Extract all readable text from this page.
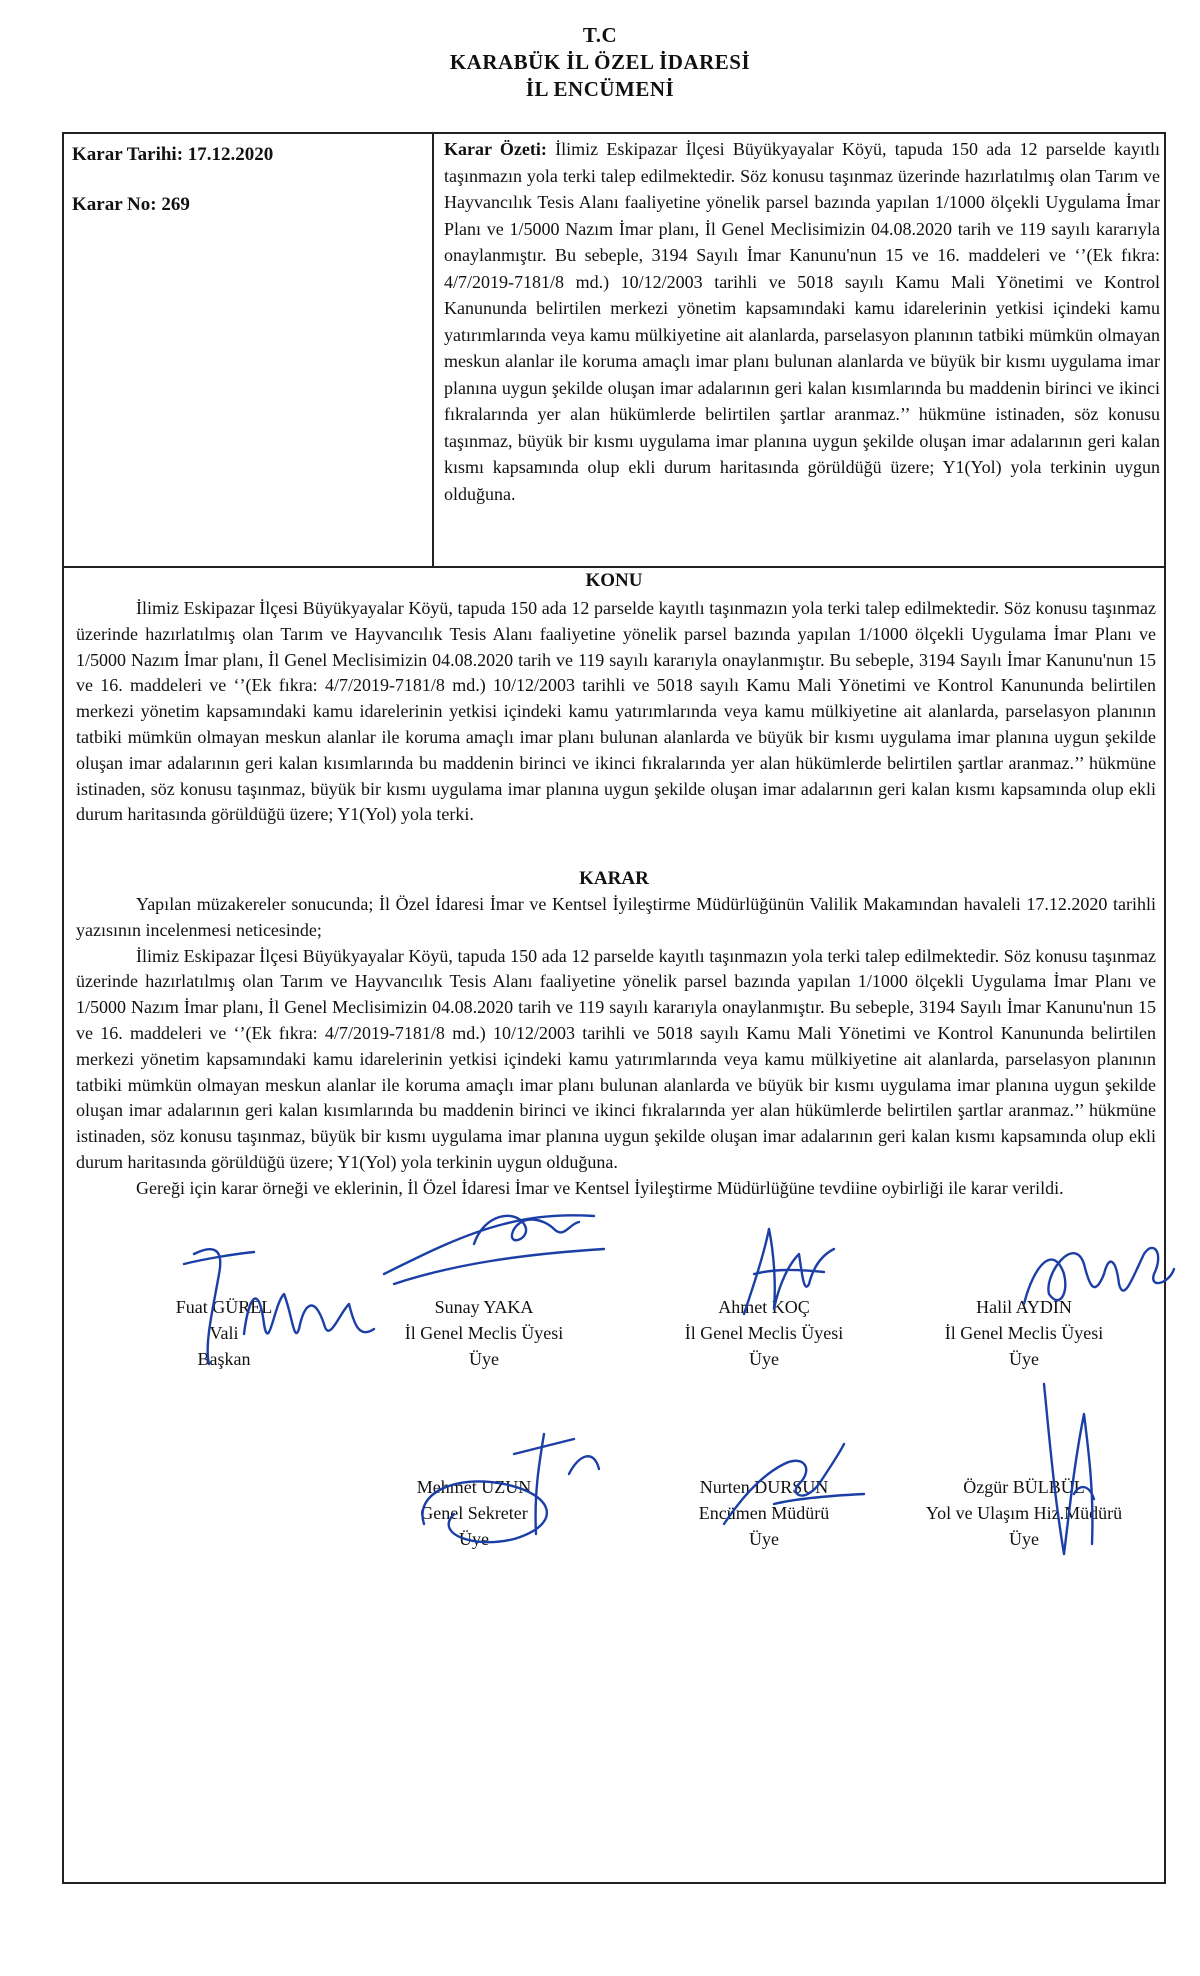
T.C
KARABÜK İL ÖZEL İDARESİ
İL ENCÜMENİ
Karar Tarihi: 17.12.2020
Karar No: 269
Karar Özeti: İlimiz Eskipazar İlçesi Büyükyayalar Köyü, tapuda 150 ada 12 parselde kayıtlı taşınmazın yola terki talep edilmektedir. Söz konusu taşınmaz üzerinde hazırlatılmış olan Tarım ve Hayvancılık Tesis Alanı faaliyetine yönelik parsel bazında yapılan 1/1000 ölçekli Uygulama İmar Planı ve 1/5000 Nazım İmar planı, İl Genel Meclisimizin 04.08.2020 tarih ve 119 sayılı kararıyla onaylanmıştır. Bu sebeple, 3194 Sayılı İmar Kanunu'nun 15 ve 16. maddeleri ve ‘’(Ek fıkra: 4/7/2019-7181/8 md.) 10/12/2003 tarihli ve 5018 sayılı Kamu Mali Yönetimi ve Kontrol Kanununda belirtilen merkezi yönetim kapsamındaki kamu idarelerinin yetkisi içindeki kamu yatırımlarında veya kamu mülkiyetine ait alanlarda, parselasyon planının tatbiki mümkün olmayan meskun alanlar ile koruma amaçlı imar planı bulunan alanlarda ve büyük bir kısmı uygulama imar planına uygun şekilde oluşan imar adalarının geri kalan kısımlarında bu maddenin birinci ve ikinci fıkralarında yer alan hükümlerde belirtilen şartlar aranmaz.’’ hükmüne istinaden, söz konusu taşınmaz, büyük bir kısmı uygulama imar planına uygun şekilde oluşan imar adalarının geri kalan kısmı kapsamında olup ekli durum haritasında görüldüğü üzere; Y1(Yol) yola terkinin uygun olduğuna.
KONU

İlimiz Eskipazar İlçesi Büyükyayalar Köyü, tapuda 150 ada 12 parselde kayıtlı taşınmazın yola terki talep edilmektedir. Söz konusu taşınmaz üzerinde hazırlatılmış olan Tarım ve Hayvancılık Tesis Alanı faaliyetine yönelik parsel bazında yapılan 1/1000 ölçekli Uygulama İmar Planı ve 1/5000 Nazım İmar planı, İl Genel Meclisimizin 04.08.2020 tarih ve 119 sayılı kararıyla onaylanmıştır. Bu sebeple, 3194 Sayılı İmar Kanunu'nun 15 ve 16. maddeleri ve ‘’(Ek fıkra: 4/7/2019-7181/8 md.) 10/12/2003 tarihli ve 5018 sayılı Kamu Mali Yönetimi ve Kontrol Kanununda belirtilen merkezi yönetim kapsamındaki kamu idarelerinin yetkisi içindeki kamu yatırımlarında veya kamu mülkiyetine ait alanlarda, parselasyon planının tatbiki mümkün olmayan meskun alanlar ile koruma amaçlı imar planı bulunan alanlarda ve büyük bir kısmı uygulama imar planına uygun şekilde oluşan imar adalarının geri kalan kısımlarında bu maddenin birinci ve ikinci fıkralarında yer alan hükümlerde belirtilen şartlar aranmaz.’’ hükmüne istinaden, söz konusu taşınmaz, büyük bir kısmı uygulama imar planına uygun şekilde oluşan imar adalarının geri kalan kısmı kapsamında olup ekli durum haritasında görüldüğü üzere; Y1(Yol) yola terki.

KARAR

Yapılan müzakereler sonucunda; İl Özel İdaresi İmar ve Kentsel İyileştirme Müdürlüğünün Valilik Makamından havaleli 17.12.2020 tarihli yazısının incelenmesi neticesinde;

İlimiz Eskipazar İlçesi Büyükyayalar Köyü, tapuda 150 ada 12 parselde kayıtlı taşınmazın yola terki talep edilmektedir. Söz konusu taşınmaz üzerinde hazırlatılmış olan Tarım ve Hayvancılık Tesis Alanı faaliyetine yönelik parsel bazında yapılan 1/1000 ölçekli Uygulama İmar Planı ve 1/5000 Nazım İmar planı, İl Genel Meclisimizin 04.08.2020 tarih ve 119 sayılı kararıyla onaylanmıştır. Bu sebeple, 3194 Sayılı İmar Kanunu'nun 15 ve 16. maddeleri ve ‘’(Ek fıkra: 4/7/2019-7181/8 md.) 10/12/2003 tarihli ve 5018 sayılı Kamu Mali Yönetimi ve Kontrol Kanununda belirtilen merkezi yönetim kapsamındaki kamu idarelerinin yetkisi içindeki kamu yatırımlarında veya kamu mülkiyetine ait alanlarda, parselasyon planının tatbiki mümkün olmayan meskun alanlar ile koruma amaçlı imar planı bulunan alanlarda ve büyük bir kısmı uygulama imar planına uygun şekilde oluşan imar adalarının geri kalan kısımlarında bu maddenin birinci ve ikinci fıkralarında yer alan hükümlerde belirtilen şartlar aranmaz.’’ hükmüne istinaden, söz konusu taşınmaz, büyük bir kısmı uygulama imar planına uygun şekilde oluşan imar adalarının geri kalan kısmı kapsamında olup ekli durum haritasında görüldüğü üzere; Y1(Yol) yola terkinin uygun olduğuna.

Gereği için karar örneği ve eklerinin, İl Özel İdaresi İmar ve Kentsel İyileştirme Müdürlüğüne tevdiine oybirliği ile karar verildi.

Fuat GÜREL
Vali
Başkan
Sunay YAKA
İl Genel Meclis Üyesi
Üye
Ahmet KOÇ
İl Genel Meclis Üyesi
Üye
Halil AYDIN
İl Genel Meclis Üyesi
Üye
Mehmet UZUN
Genel Sekreter
Üye
Nurten DURSUN
Encümen Müdürü
Üye
Özgür BÜLBÜL
Yol ve Ulaşım Hiz.Müdürü
Üye
